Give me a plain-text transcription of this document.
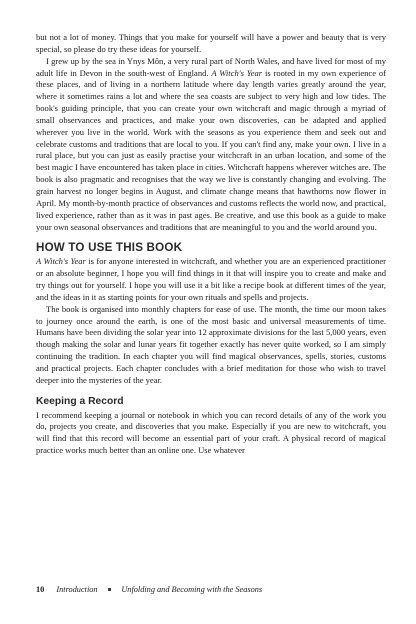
but not a lot of money. Things that you make for yourself will have a power and beauty that is very special, so please do try these ideas for yourself.

I grew up by the sea in Ynys Môn, a very rural part of North Wales, and have lived for most of my adult life in Devon in the south-west of England. A Witch's Year is rooted in my own experience of these places, and of living in a northern latitude where day length varies greatly around the year, where it sometimes rains a lot and where the sea coasts are subject to very high and low tides. The book's guiding principle, that you can create your own witchcraft and magic through a myriad of small observances and practices, and make your own discoveries, can be adapted and applied wherever you live in the world. Work with the seasons as you experience them and seek out and celebrate customs and traditions that are local to you. If you can't find any, make your own. I live in a rural place, but you can just as easily practise your witchcraft in an urban location, and some of the best magic I have encountered has taken place in cities. Witchcraft happens wherever witches are. The book is also pragmatic and recognises that the way we live is constantly changing and evolving. The grain harvest no longer begins in August, and climate change means that hawthorns now flower in April. My month-by-month practice of observances and customs reflects the world now, and practical, lived experience, rather than as it was in past ages. Be creative, and use this book as a guide to make your own seasonal observances and traditions that are meaningful to you and the world around you.

HOW TO USE THIS BOOK

A Witch's Year is for anyone interested in witchcraft, and whether you are an experienced practitioner or an absolute beginner, I hope you will find things in it that will inspire you to create and make and try things out for yourself. I hope you will use it a bit like a recipe book at different times of the year, and the ideas in it as starting points for your own rituals and spells and projects.

The book is organised into monthly chapters for ease of use. The month, the time our moon takes to journey once around the earth, is one of the most basic and universal measurements of time. Humans have been dividing the solar year into 12 approximate divisions for the last 5,000 years, even though making the solar and lunar years fit together exactly has never quite worked, so I am simply continuing the tradition. In each chapter you will find magical observances, spells, stories, customs and practical projects. Each chapter concludes with a brief meditation for those who wish to travel deeper into the mysteries of the year.

Keeping a Record

I recommend keeping a journal or notebook in which you can record details of any of the work you do, projects you create, and discoveries that you make. Especially if you are new to witchcraft, you will find that this record will become an essential part of your craft. A physical record of magical practice works much better than an online one. Use whatever

10 Introduction	Unfolding and Becoming with the Seasons
